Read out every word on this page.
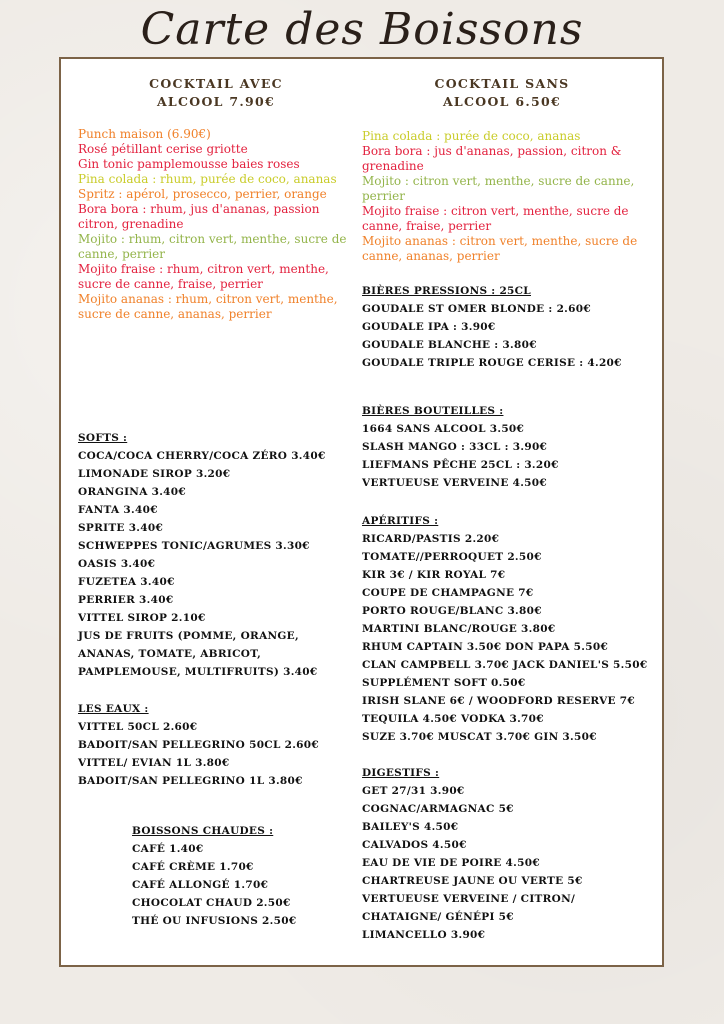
Carte des Boissons
COCKTAIL AVEC
ALCOOL 7.90€
Punch maison (6.90€)
Rosé pétillant cerise griotte
Gin tonic pamplemousse baies roses
Pina colada : rhum, purée de coco, ananas
Spritz : apérol, prosecco, perrier, orange
Bora bora : rhum, jus d'ananas, passion citron, grenadine
Mojito : rhum, citron vert, menthe, sucre de canne, perrier
Mojito fraise : rhum, citron vert, menthe, sucre de canne, fraise, perrier
Mojito ananas : rhum, citron vert, menthe, sucre de canne, ananas, perrier
SOFTS :
COCA/COCA CHERRY/COCA ZÉRO 3.40€
LIMONADE SIROP 3.20€
ORANGINA 3.40€
FANTA 3.40€
SPRITE 3.40€
SCHWEPPES TONIC/AGRUMES 3.30€
OASIS 3.40€
FUZETEA 3.40€
PERRIER 3.40€
VITTEL SIROP 2.10€
JUS DE FRUITS (POMME, ORANGE, ANANAS, TOMATE, ABRICOT, PAMPLEMOUSE, MULTIFRUITS) 3.40€
LES EAUX :
VITTEL 50CL 2.60€
BADOIT/SAN PELLEGRINO 50CL 2.60€
VITTEL/ EVIAN 1L 3.80€
BADOIT/SAN PELLEGRINO 1L 3.80€
BOISSONS CHAUDES :
CAFÉ 1.40€
CAFÉ CRÈME 1.70€
CAFÉ ALLONGÉ 1.70€
CHOCOLAT CHAUD 2.50€
THÉ OU INFUSIONS 2.50€
COCKTAIL SANS
ALCOOL 6.50€
Pina colada : purée de coco, ananas
Bora bora : jus d'ananas, passion, citron & grenadine
Mojito : citron vert, menthe, sucre de canne, perrier
Mojito fraise : citron vert, menthe, sucre de canne, fraise, perrier
Mojito ananas : citron vert, menthe, sucre de canne, ananas, perrier
BIÈRES PRESSIONS : 25CL
GOUDALE ST OMER BLONDE : 2.60€
GOUDALE IPA : 3.90€
GOUDALE BLANCHE : 3.80€
GOUDALE TRIPLE ROUGE CERISE : 4.20€
BIÈRES BOUTEILLES :
1664 SANS ALCOOL 3.50€
SLASH MANGO : 33CL : 3.90€
LIEFMANS PÊCHE 25CL : 3.20€
VERTUEUSE VERVEINE 4.50€
APÉRITIFS :
RICARD/PASTIS 2.20€
TOMATE//PERROQUET 2.50€
KIR 3€ / KIR ROYAL 7€
COUPE DE CHAMPAGNE 7€
PORTO ROUGE/BLANC 3.80€
MARTINI BLANC/ROUGE 3.80€
RHUM CAPTAIN 3.50€ DON PAPA 5.50€
CLAN CAMPBELL 3.70€ JACK DANIEL'S 5.50€
SUPPLÉMENT SOFT 0.50€
IRISH SLANE 6€ / WOODFORD RESERVE 7€
TEQUILA 4.50€ VODKA 3.70€
SUZE 3.70€ MUSCAT 3.70€ GIN 3.50€
DIGESTIFS :
GET 27/31 3.90€
COGNAC/ARMAGNAC 5€
BAILEY'S 4.50€
CALVADOS 4.50€
EAU DE VIE DE POIRE 4.50€
CHARTREUSE JAUNE OU VERTE 5€
VERTUEUSE VERVEINE / CITRON/
CHATAIGNE/ GÉNÉPI 5€
LIMANCELLO 3.90€
